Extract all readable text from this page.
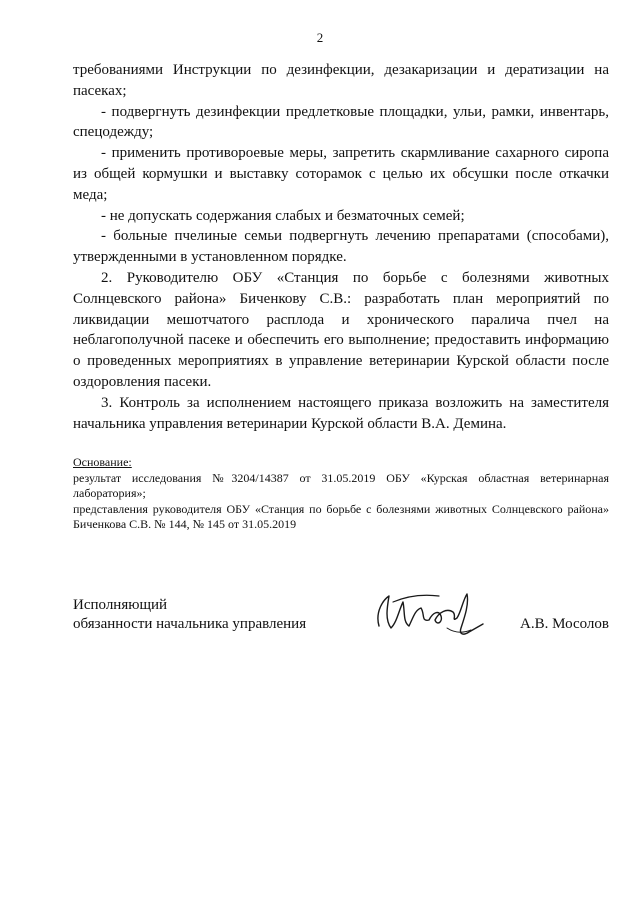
2

требованиями Инструкции по дезинфекции, дезакаризации и дератизации на пасеках;

- подвергнуть дезинфекции предлетковые площадки, ульи, рамки, инвентарь, спецодежду;

- применить противороевые меры, запретить скармливание сахарного сиропа из общей кормушки и выставку сотoрамок с целью их обсушки после откачки меда;

- не допускать содержания слабых и безматочных семей;

- больные пчелиные семьи подвергнуть лечению препаратами (способами), утвержденными в установленном порядке.

2. Руководителю ОБУ «Станция по борьбе с болезнями животных Солнцевского района» Биченкову С.В.: разработать план мероприятий по ликвидации мешотчатого расплода и хронического паралича пчел на неблагополучной пасеке и обеспечить его выполнение; предоставить информацию о проведенных мероприятиях в управление ветеринарии Курской области после оздоровления пасеки.

3. Контроль за исполнением настоящего приказа возложить на заместителя начальника управления ветеринарии Курской области В.А. Демина.

Основание:

результат исследования №3204/14387 от 31.05.2019 ОБУ «Курская областная ветеринарная лаборатория»;

представления руководителя ОБУ «Станция по борьбе с болезнями животных Солнцевского района» Биченкова С.В. № 144, № 145 от 31.05.2019

Исполняющий
обязанности начальника управления	А.В. Мосолов
